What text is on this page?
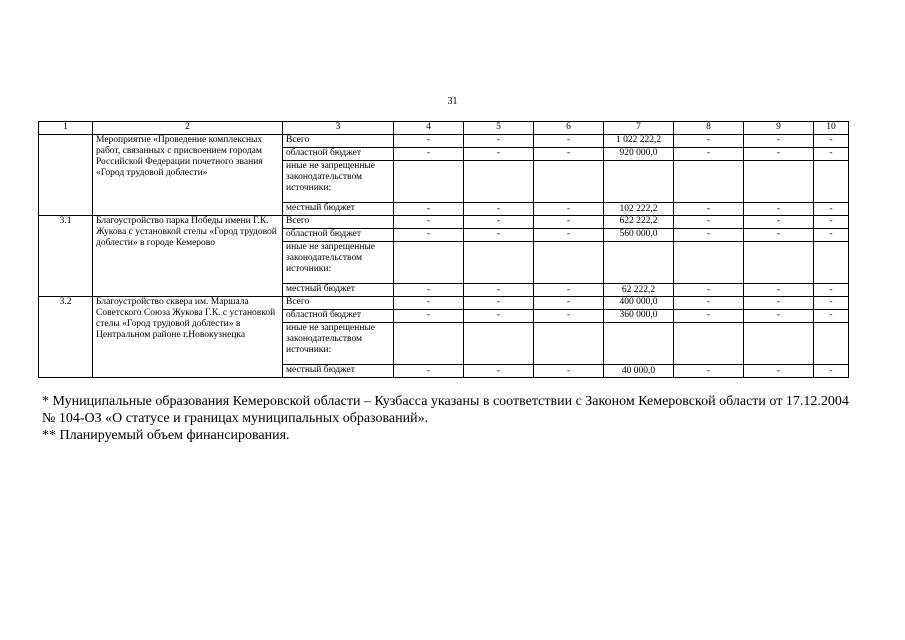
31
1	2	3	4	5	6	7	8	9	10

	Мероприятие «Проведение комплексных работ, связанных с присвоением городам Российской Федерации почетного звания «Город трудовой доблести»	Всего	-	-	-	1 022 222,2	-	-	-
		областной бюджет	-	-	-	920 000,0	-	-	-
		иные не запрещенные законодательством источники:							
		местный бюджет	-	-	-	102 222,2	-	-	-
3.1	Благоустройство парка Победы имени Г.К. Жукова с установкой стелы «Город трудовой доблести» в городе Кемерово	Всего	-	-	-	622 222,2	-	-	-
		областной бюджет	-	-	-	560 000,0	-	-	-
		иные не запрещенные законодательством источники:							
		местный бюджет	-	-	-	62 222,2	-	-	-
3.2	Благоустройство сквера им. Маршала Советского Союза Жукова Г.К. с установкой стелы «Город трудовой доблести» в Центральном районе г.Новокузнецка	Всего	-	-	-	400 000,0	-	-	-
		областной бюджет	-	-	-	360 000,0	-	-	-
		иные не запрещенные законодательством источники:							
		местный бюджет	-	-	-	40 000,0	-	-	-

* Муниципальные образования Кемеровской области – Кузбасса указаны в соответствии с Законом Кемеровской области от 17.12.2004 № 104-ОЗ «О статусе и границах муниципальных образований».

** Планируемый объем финансирования.
